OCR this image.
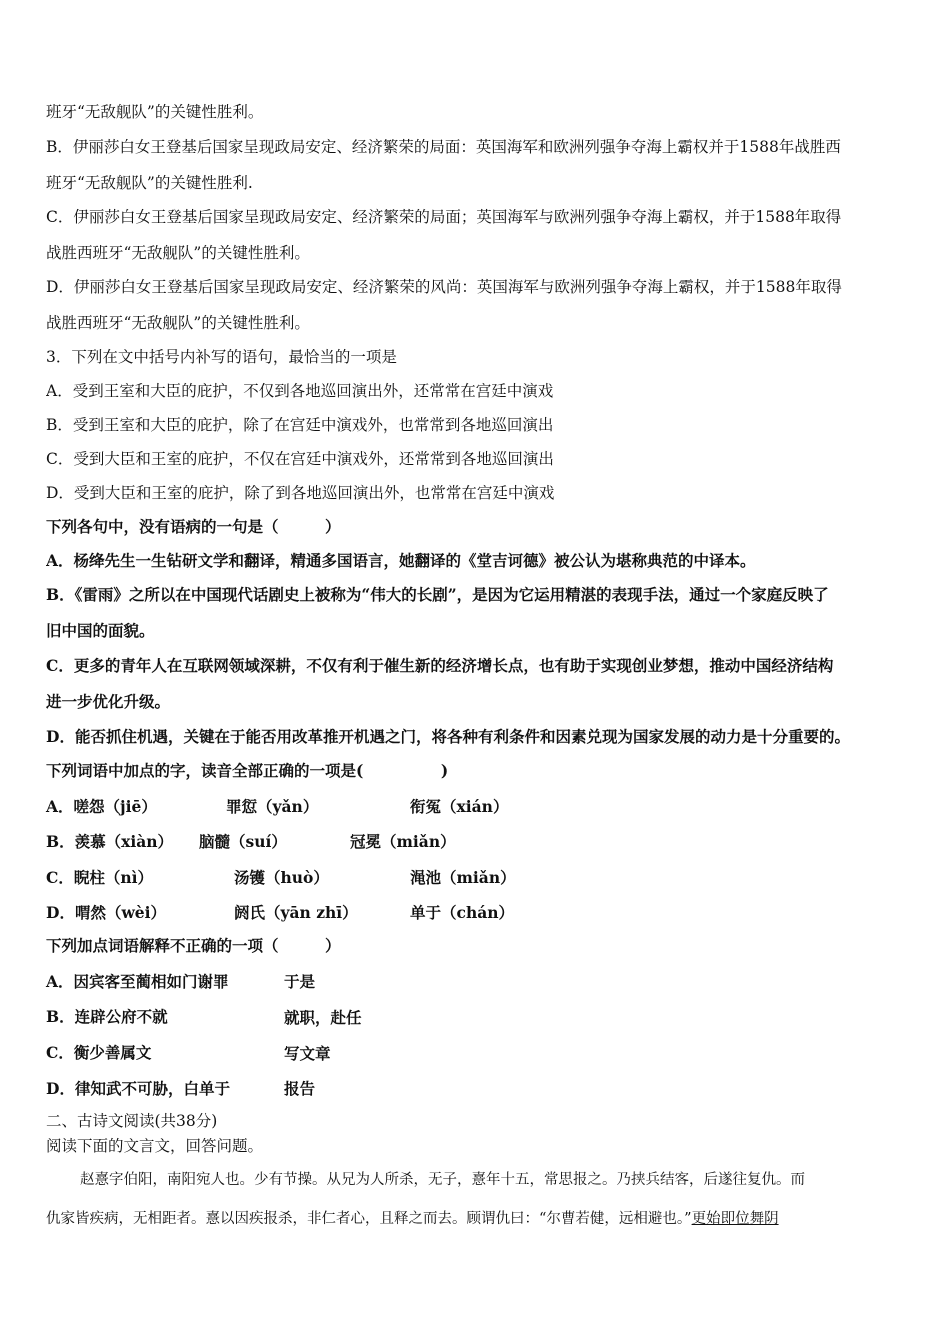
班牙“无敌舰队”的关键性胜利。
B．伊丽莎白女王登基后国家呈现政局安定、经济繁荣的局面：英国海军和欧洲列强争夺海上霸权并于1588年战胜西
班牙“无敌舰队”的关键性胜利.
C．伊丽莎白女王登基后国家呈现政局安定、经济繁荣的局面；英国海军与欧洲列强争夺海上霸权，并于1588年取得
战胜西班牙“无敌舰队”的关键性胜利。
D．伊丽莎白女王登基后国家呈现政局安定、经济繁荣的风尚：英国海军与欧洲列强争夺海上霸权，并于1588年取得
战胜西班牙“无敌舰队”的关键性胜利。
3．下列在文中括号内补写的语句，最恰当的一项是
A．受到王室和大臣的庇护，不仅到各地巡回演出外，还常常在宫廷中演戏
B．受到王室和大臣的庇护，除了在宫廷中演戏外，也常常到各地巡回演出
C．受到大臣和王室的庇护，不仅在宫廷中演戏外，还常常到各地巡回演出
D．受到大臣和王室的庇护，除了到各地巡回演出外，也常常在宫廷中演戏
下列各句中，没有语病的一句是（　　　）
A．杨绛先生一生钻研文学和翻译，精通多国语言，她翻译的《堂吉诃德》被公认为堪称典范的中译本。
B．《雷雨》之所以在中国现代话剧史上被称为“伟大的长剧”，是因为它运用精湛的表现手法，通过一个家庭反映了
旧中国的面貌。
C．更多的青年人在互联网领域深耕，不仅有利于催生新的经济增长点，也有助于实现创业梦想，推动中国经济结构
进一步优化升级。
D．能否抓住机遇，关键在于能否用改革推开机遇之门，将各种有利条件和因素兑现为国家发展的动力是十分重要的。
下列词语中加点的字，读音全部正确的一项是(　　　　　)
A．嗟怨（jiē）	罪愆（yǎn）	衔冤（xián）
B．羡慕（xiàn） 脑髓（suí）	冠冕（miǎn）
C．睨柱（nì）	汤镬（huò）	渑池（miǎn）
D．喟然（wèi）	阏氏（yān zhī）	单于（chán）
下列加点词语解释不正确的一项（　　　）
A．因宾客至蔺相如门谢罪	于是
B．连辟公府不就	就职，赴任
C．衡少善属文	写文章
D．律知武不可胁，白单于	报告
二、古诗文阅读(共38分)
阅读下面的文言文，回答问题。
赵憙字伯阳，南阳宛人也。少有节操。从兄为人所杀，无子，憙年十五，常思报之。乃挟兵结客，后遂往复仇。而
仇家皆疾病，无相距者。憙以因疾报杀，非仁者心，且释之而去。顾谓仇曰：“尔曹若健，远相避也。”更始即位舞阴
